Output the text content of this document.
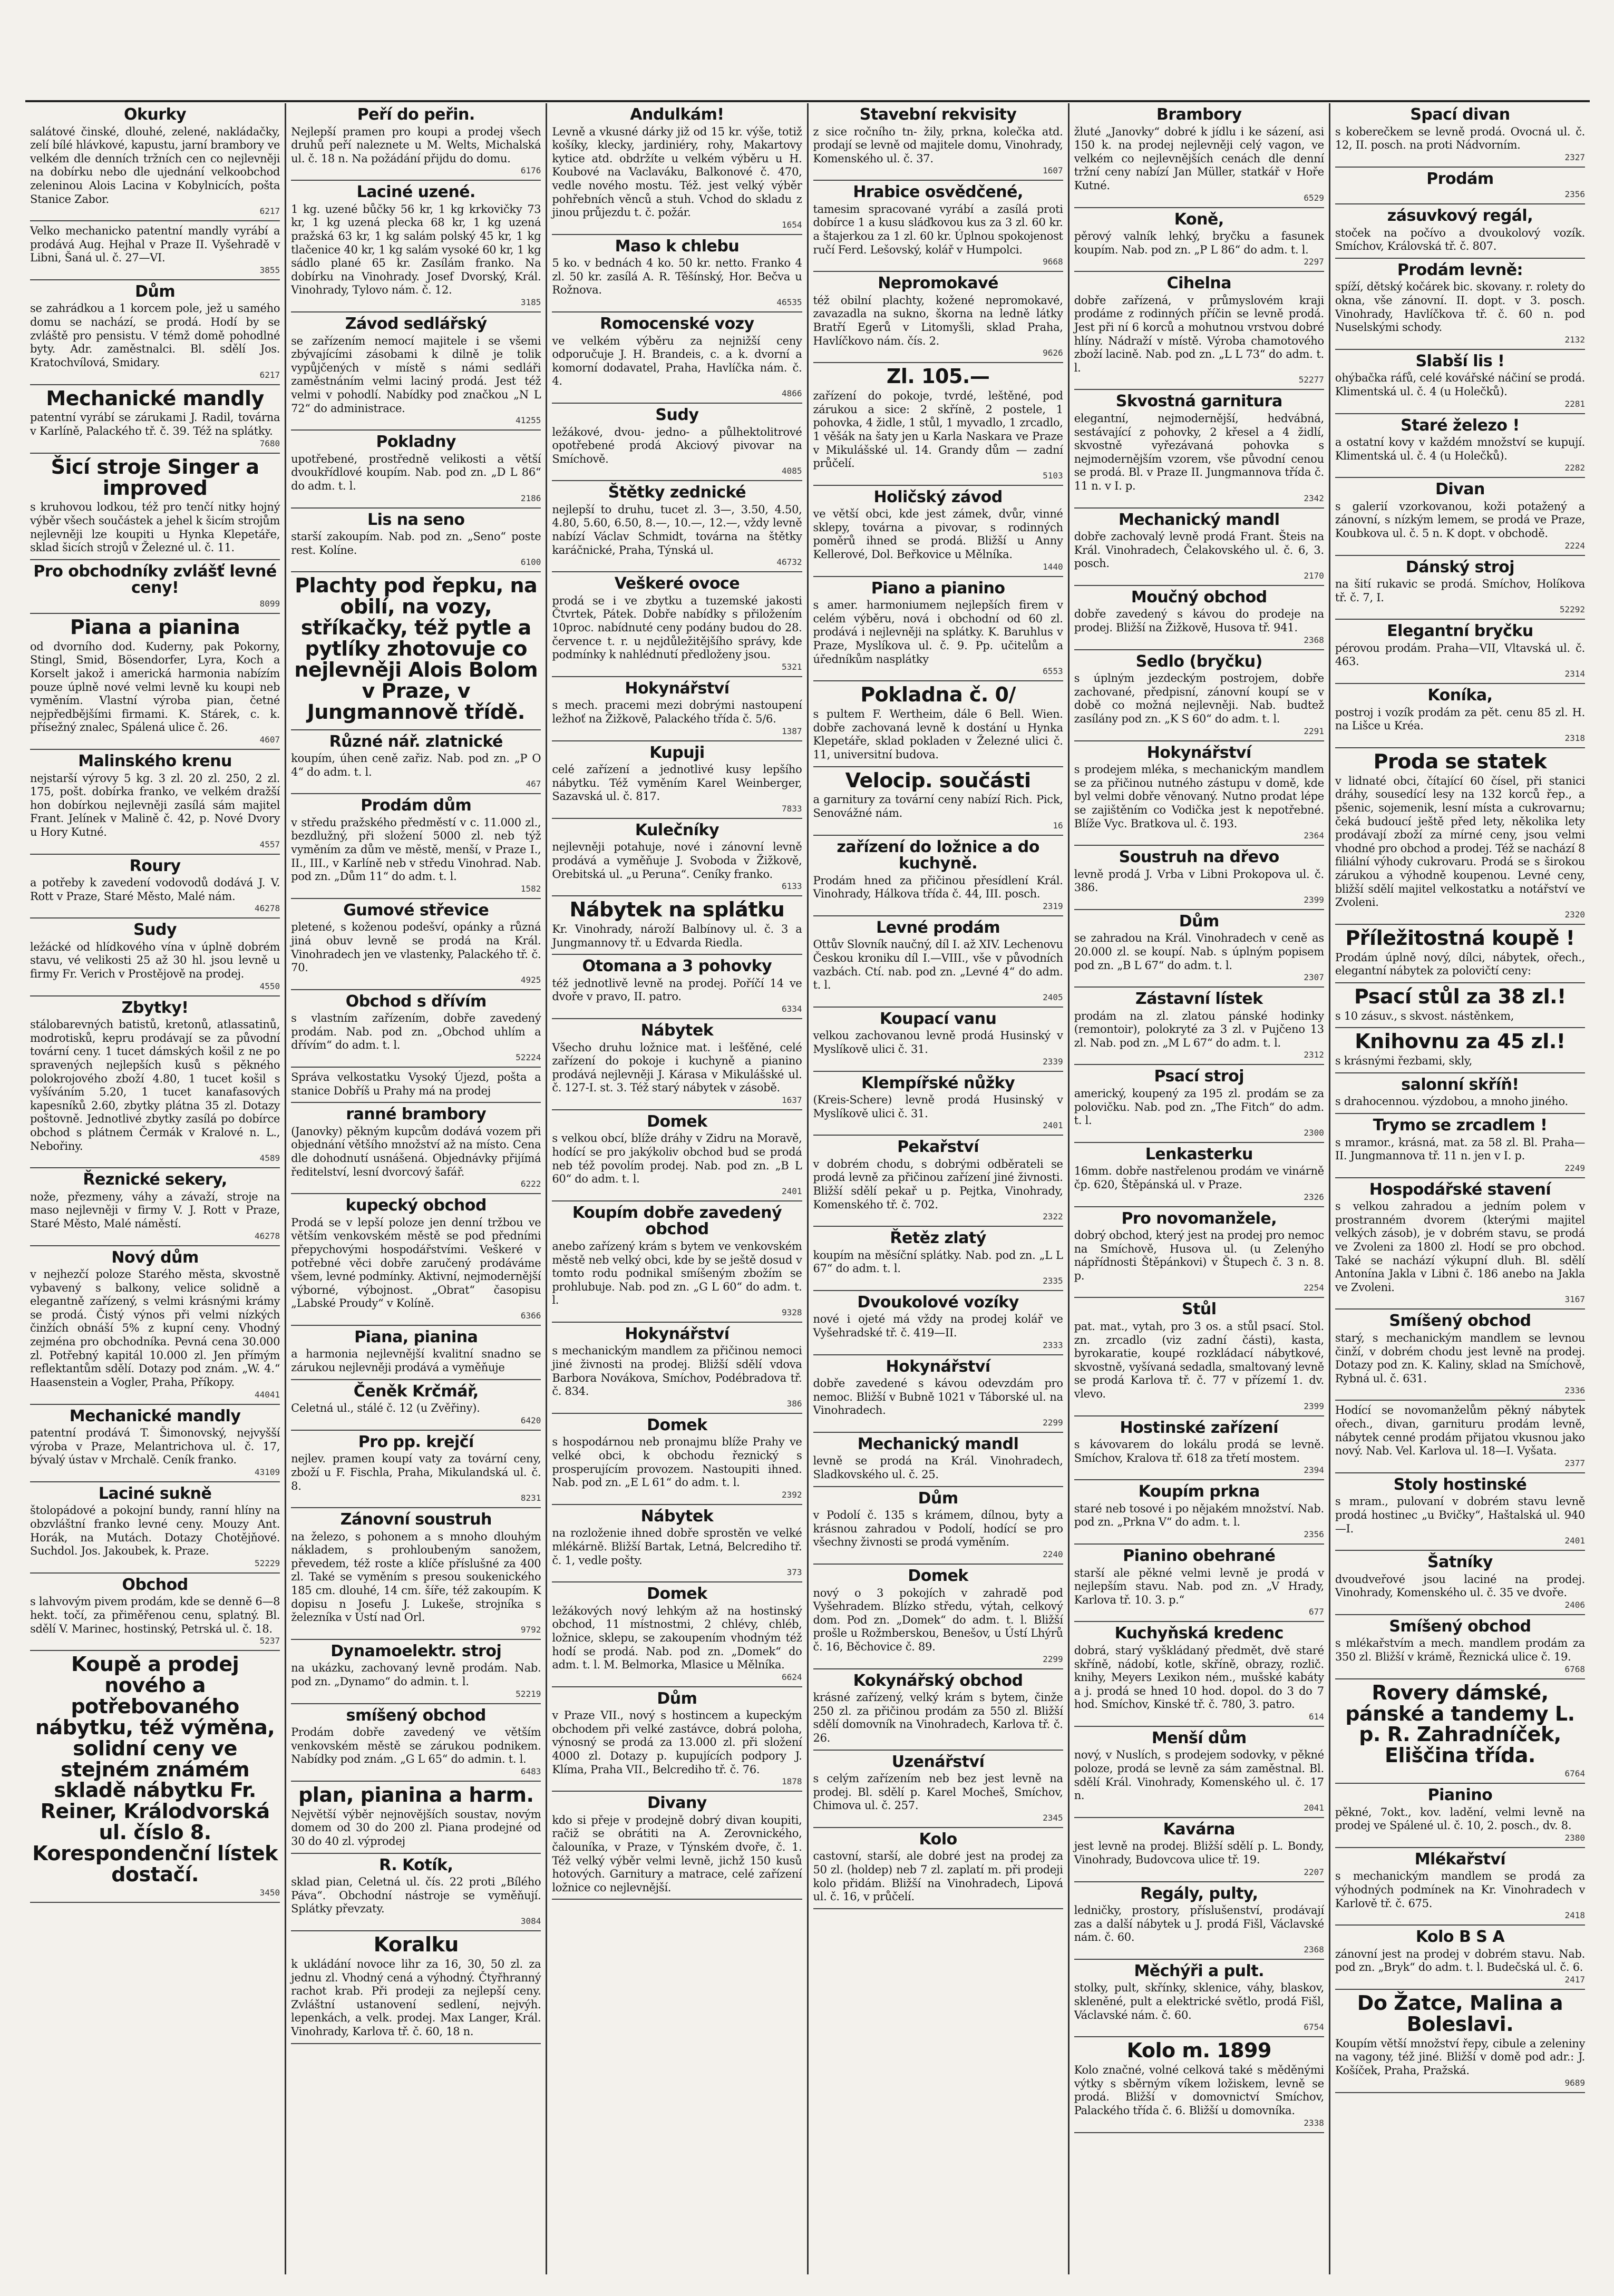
Okurky

salátové činské, dlouhé, zelené, nakládačky, zelí bílé hlávkové, kapustu, jarní brambory ve velkém dle denních tržních cen co nejlevněji na dobírku nebo dle ujednání velkoobchod zeleninou Alois Lacina v Kobylnicích, pošta Stanice Zabor.

6217

Velko mechanicko patentní mandly vyrábí a prodává Aug. Hejhal v Praze II. Vyšehradě v Libni, Šaná ul. č. 27—VI.

3855
Dům

se zahrádkou a 1 korcem pole, jež u samého domu se nachází, se prodá. Hodí by se zvláště pro pensistu. V témž domě pohodlné byty. Adr. zaměstnalci. Bl. sdělí Jos. Kratochvílová, Smidary.

6217
Mechanické mandly

patentní vyrábí se zárukami J. Radil, továrna v Karlíně, Palackého tř. č. 39. Též na splátky.

7680
Šicí stroje Singer a improved

s kruhovou lodkou, též pro tenčí nitky hojný výběr všech součástek a jehel k šicím strojům nejlevněji lze koupiti u Hynka Klepetáře, sklad šicích strojů v Železné ul. č. 11.

Pro obchodníky zvlášť levné ceny!
8099
Piana a pianina

od dvorního dod. Kuderny, pak Pokorny, Stingl, Smid, Bösendorfer, Lyra, Koch a Korselt jakož i americká harmonia nabízím pouze úplně nové velmi levně ku koupi neb vyměním. Vlastní výroba pian, četné nejpředbějšími firmami. K. Stárek, c. k. přísežný znalec, Spálená ulice č. 26.

4607
Malinského krenu

nejstarší výrovy 5 kg. 3 zl. 20 zl. 250, 2 zl. 175, pošt. dobírka franko, ve velkém dražší hon dobírkou nejlevněji zasílá sám majitel Frant. Jelínek v Malině č. 42, p. Nové Dvory u Hory Kutné.

4557
Roury

a potřeby k zavedení vodovodů dodává J. V. Rott v Praze, Staré Město, Malé nám.

46278
Sudy

ležácké od hlídkového vína v úplně dobrém stavu, vé velikosti 25 až 30 hl. jsou levně u firmy Fr. Verich v Prostějově na prodej.

4550
Zbytky!

stálobarevných batistů, kretonů, atlassatinů, modrotisků, kepru prodávají se za původní tovární ceny. 1 tucet dámských košil z ne po spravených nejlepších kusů s pěkného polokrojového zboží 4.80, 1 tucet košil s vyšíváním 5.20, 1 tucet kanafasových kapesníků 2.60, zbytky plátna 35 zl. Dotazy poštovně. Jednotlivé zbytky zasílá po dobírce obchod s plátnem Čermák v Kralové n. L., Nebořiny.

4589
Řeznické sekery,

nože, přezmeny, váhy a závaží, stroje na maso nejlevněji v firmy V. J. Rott v Praze, Staré Město, Malé náměstí.

46278
Nový dům

v nejhezčí poloze Starého města, skvostně vybavený s balkony, velice solidně a elegantně zařízený, s velmi krásnými krámy se prodá. Čistý výnos při velmi nízkých činžích obnáší 5% z kupní ceny. Vhodný zejména pro obchodníka. Pevná cena 30.000 zl. Potřebný kapitál 10.000 zl. Jen přímým reflektantům sdělí. Dotazy pod znám. „W. 4.“ Haasenstein a Vogler, Praha, Příkopy.

44041
Mechanické mandly

patentní prodává T. Šimonovský, nejvyšší výroba v Praze, Melantrichova ul. č. 17, bývalý ústav v Mrchalě. Ceník franko.

43109
Laciné sukně

štolopádové a pokojní bundy, ranní hlíny na obzvláštní franko levné ceny. Mouzy Ant. Horák, na Mutách. Dotazy Chotějňové. Suchdol. Jos. Jakoubek, k. Praze.

52229
Obchod

s lahvovým pivem prodám, kde se denně 6—8 hekt. točí, za přiměřenou cenu, splatný. Bl. sdělí V. Marinec, hostinský, Petrská ul. č. 18.

5237
Koupě a prodej nového a potřebovaného nábytku, též výměna, solidní ceny ve stejném známém skladě nábytku Fr. Reiner, Králodvorská ul. číslo 8. Korespondenční lístek dostačí.
3450
Peří do peřin.

Nejlepší pramen pro koupi a prodej všech druhů peří naleznete u M. Welts, Michalská ul. č. 18 n. Na požádání přijdu do domu.

6176
Laciné uzené.

1 kg. uzené bůčky 56 kr, 1 kg krkovičky 73 kr, 1 kg uzená plecka 68 kr, 1 kg uzená pražská 63 kr, 1 kg salám polský 45 kr, 1 kg tlačenice 40 kr, 1 kg salám vysoké 60 kr, 1 kg sádlo plané 65 kr. Zasílám franko. Na dobírku na Vinohrady. Josef Dvorský, Král. Vinohrady, Tylovo nám. č. 12.

3185
Závod sedlářský

se zařízením nemocí majitele i se všemi zbývajícími zásobami k dilně je tolik vypůjčených v místě s námi sedláři zaměstnáním velmi laciný prodá. Jest též velmi v pohodlí. Nabídky pod značkou „N L 72“ do administrace.

41255
Pokladny

upotřebené, prostředně velikosti a větší dvoukřídlové koupím. Nab. pod zn. „D L 86“ do adm. t. l.

2186
Lis na seno

starší zakoupím. Nab. pod zn. „Seno“ poste rest. Kolíne.

6100
Plachty pod řepku, na obilí, na vozy, stříkačky, též pytle a pytlíky zhotovuje co nejlevněji Alois Bolom v Praze, v Jungmannově třídě.
Různé nář. zlatnické

koupím, úhen ceně zařiz. Nab. pod zn. „P O 4“ do adm. t. l.

467
Prodám dům

v středu pražského předměstí v c. 11.000 zl., bezdlužný, při složení 5000 zl. neb týž vyměním za dům ve městě, menší, v Praze I., II., III., v Karlíně neb v středu Vinohrad. Nab. pod zn. „Dům 11“ do adm. t. l.

1582
Gumové střevice

pletené, s koženou podešví, opánky a různá jiná obuv levně se prodá na Král. Vinohradech jen ve vlastenky, Palackého tř. č. 70.

4925
Obchod s dřívím

s vlastním zařízením, dobře zavedený prodám. Nab. pod zn. „Obchod uhlím a dřívím“ do adm. t. l.

52224

Správa velkostatku Vysoký Újezd, pošta a stanice Dobříš u Prahy má na prodej

ranné brambory

(Janovky) pěkným kupcům dodává vozem při objednání většího množství až na místo. Cena dle dohodnutí usnášená. Objednávky přijímá ředitelství, lesní dvorcový šafář.

6222
kupecký obchod

Prodá se v lepší poloze jen denní tržbou ve větším venkovském městě se pod předními přepychovými hospodářstvími. Veškeré v potřebné věci dobře zaručený prodáváme všem, levné podmínky. Aktivní, nejmodernější výborné, výbojnost. „Obrat“ časopisu „Labské Proudy“ v Kolíně.

6366
Piana, pianina

a harmonia nejlevnější kvalitní snadno se zárukou nejlevněji prodává a vyměňuje

Čeněk Krčmář,

Celetná ul., stálé č. 12 (u Zvěřiny).

6420
Pro pp. krejčí

nejlev. pramen koupí vaty za tovární ceny, zboží u F. Fischla, Praha, Mikulandská ul. č. 8.

8231
Zánovní soustruh

na železo, s pohonem a s mnoho dlouhým nákladem, s prohloubeným sanožem, převedem, též roste a klíče příslušné za 400 zl. Také se vyměním s presou soukenického 185 cm. dlouhé, 14 cm. šíře, též zakoupím. K dopisu n Josefu J. Lukeše, strojníka s železníka v Ústí nad Orl.

9792
Dynamoelektr. stroj

na ukázku, zachovaný levně prodám. Nab. pod zn. „Dynamo“ do admin. t. l.

52219
smíšený obchod

Prodám dobře zavedený ve větším venkovském městě se zárukou podnikem. Nabídky pod znám. „G L 65“ do admin. t. l.

6483
plan, pianina a harm.

Největší výběr nejnovějších soustav, novým domem od 30 do 200 zl. Piana prodejné od 30 do 40 zl. výprodej

R. Kotík,

sklad pian, Celetná ul. čís. 22 proti „Bílého Páva“. Obchodní nástroje se vyměňují. Splátky převzaty.

3084
Koralku

k ukládání novoce lihr za 16, 30, 50 zl. za jednu zl. Vhodný cená a výhodný. Čtyřhranný rachot krab. Při prodeji za nejlepší ceny. Zvláštní ustanovení sedlení, nejvýh. lepenkách, a velk. prodej. Max Langer, Král. Vinohrady, Karlova tř. č. 60, 18 n.

Andulkám!

Levně a vkusné dárky již od 15 kr. výše, totiž košíky, klecky, jardiniéry, rohy, Makartovy kytice atd. obdržíte u velkém výběru u H. Koubové na Vaclaváku, Balkonové č. 470, vedle nového mostu. Též. jest velký výběr pohřebních věnců a stuh. Vchod do skladu z jinou průjezdu t. č. požár.

1654
Maso k chlebu

5 ko. v bednách 4 ko. 50 kr. netto. Franko 4 zl. 50 kr. zasílá A. R. Těšínský, Hor. Bečva u Rožnova.

46535
Romocenské vozy

ve velkém výběru za nejnižší ceny odporučuje J. H. Brandeis, c. a k. dvorní a komorní dodavatel, Praha, Havlíčka nám. č. 4.

4866
Sudy

ležákové, dvou- jedno- a půlhektolitrové opotřebené prodá Akciový pivovar na Smíchově.

4085
Štětky zednické

nejlepší to druhu, tucet zl. 3—, 3.50, 4.50, 4.80, 5.60, 6.50, 8.—, 10.—, 12.—, vždy levně nabízí Václav Schmidt, továrna na štětky karáčnické, Praha, Týnská ul.

46732
Veškeré ovoce

prodá se i ve zbytku a tuzemské jakosti Čtvrtek, Pátek. Dobře nabídky s přiložením 10proc. nabídnuté ceny podány budou do 28. července t. r. u nejdůležitějšího správy, kde podmínky k nahlédnutí předloženy jsou.

5321
Hokynářství

s mech. pracemi mezi dobrými nastoupení ležhoť na Žižkově, Palackého třída č. 5/6.

1387
Kupuji

celé zařízení a jednotlivé kusy lepšího nábytku. Též vyměním Karel Weinberger, Sazavská ul. č. 817.

7833
Kulečníky

nejlevněji potahuje, nové i zánovní levně prodává a vyměňuje J. Svoboda v Žižkově, Orebitská ul. „u Peruna“. Ceníky franko.

6133
Nábytek na splátku

Kr. Vinohrady, nároží Balbínovy ul. č. 3 a Jungmannovy tř. u Edvarda Riedla.

Otomana a 3 pohovky

též jednotlivě levně na prodej. Poříčí 14 ve dvoře v pravo, II. patro.

6334
Nábytek

Všecho druhu ložnice mat. i lešťěné, celé zařízení do pokoje i kuchyně a pianino prodává nejlevněji J. Kárasa v Mikulášské ul. č. 127-I. st. 3. Též starý nábytek v zásobě.

1637
Domek

s velkou obcí, blíže dráhy v Zidru na Moravě, hodící se pro jakýkoliv obchod bud se prodá neb též povolím prodej. Nab. pod zn. „B L 60“ do adm. t. l.

2401
Koupím dobře zavedený obchod

anebo zařízený krám s bytem ve venkovském městě neb velký obci, kde by se ještě dosud v tomto rodu podnikal smíšeným zbožím se prohlubuje. Nab. pod zn. „G L 60“ do adm. t. l.

9328
Hokynářství

s mechanickým mandlem za přičinou nemoci jiné živnosti na prodej. Bližší sdělí vdova Barbora Novákova, Smíchov, Podébradova tř. č. 834.

386
Domek

s hospodárnou neb pronajmu blíže Prahy ve velké obci, k obchodu řeznický s prosperujícím provozem. Nastoupiti ihned. Nab. pod zn. „E L 61“ do adm. t. l.

2392
Nábytek

na rozloženie ihned dobře sprostěn ve velké mlékárně. Bližší Bartak, Letná, Belcrediho tř. č. 1, vedle pošty.

373
Domek

ležákových nový lehkým až na hostinský obchod, 11 místnostmi, 2 chlévy, chléb, ložnice, sklepu, se zakoupením vhodným též hodí se prodá. Nab. pod zn. „Domek“ do adm. t. l. M. Belmorka, Mlasice u Mělníka.

6624
Dům

v Praze VII., nový s hostincem a kupeckým obchodem při velké zastávce, dobrá poloha, výnosný se prodá za 13.000 zl. při složení 4000 zl. Dotazy p. kupujících podpory J. Klíma, Praha VII., Belcrediho tř. č. 76.

1878
Divany

kdo si přeje v prodejně dobrý divan koupiti, račiž se obrátiti na A. Zerovnického, čalouníka, v Praze, v Týnském dvoře, č. 1. Též velký výběr velmi levně, jichž 150 kusů hotových. Garnitury a matrace, celé zařízení ložnice co nejlevnější.

Stavební rekvisity

z sice ročního tn- žily, prkna, kolečka atd. prodají se levně od majitele domu, Vinohrady, Komenského ul. č. 37.

1607
Hrabice osvědčené,

tamesim spracované vyrábí a zasílá proti dobírce 1 a kusu sláďkovou kus za 3 zl. 60 kr. a štajerkou za 1 zl. 60 kr. Úplnou spokojenost ručí Ferd. Lešovský, kolář v Humpolci.

9668
Nepromokavé

též obilní plachty, kožené nepromokavé, zavazadla na sukno, škorna na ledně látky Bratří Egerů v Litomyšli, sklad Praha, Havlíčkovo nám. čís. 2.

9626
Zl. 105.—

zařízení do pokoje, tvrdé, leštěné, pod zárukou a sice: 2 skříně, 2 postele, 1 pohovka, 4 židle, 1 stůl, 1 myvadlo, 1 zrcadlo, 1 věšák na šaty jen u Karla Naskara ve Praze v Mikulášské ul. 14. Grandy dům — zadní průčelí.

5103
Holičský závod

ve větší obci, kde jest zámek, dvůr, vinné sklepy, továrna a pivovar, s rodinných poměrů ihned se prodá. Bližší u Anny Kellerové, Dol. Beřkovice u Mělníka.

1440
Piano a pianino

s amer. harmoniumem nejlepších firem v celém výběru, nová i obchodní od 60 zl. prodává i nejlevněji na splátky. K. Baruhlus v Praze, Myslíkova ul. č. 9. Pp. učitelům a úředníkům nasplátky

6553
Pokladna č. 0/

s pultem F. Wertheim, dále 6 Bell. Wien. dobře zachovaná levně k dostání u Hynka Klepetáře, sklad pokladen v Železné ulici č. 11, universitní budova.

Velocip. součásti

a garnitury za tovární ceny nabízí Rich. Pick, Senovážné nám.

16
zařízení do ložnice a do kuchyně.

Prodám hned za přičinou přesídlení Král. Vinohrady, Hálkova třída č. 44, III. posch.

2319
Levné prodám

Ottův Slovník naučný, díl I. až XIV. Lechenovu Českou kroniku díl I.—VIII., vše v původních vazbách. Ctí. nab. pod zn. „Levné 4“ do adm. t. l.

2405
Koupací vanu

velkou zachovanou levně prodá Husinský v Myslíkově ulici č. 31.

2339
Klempířské nůžky

(Kreis-Schere) levně prodá Husinský v Myslíkově ulici č. 31.

2401
Pekařství

v dobrém chodu, s dobrými odběrateli se prodá levně za přičinou zařízení jiné živnosti. Bližší sdělí pekař u p. Pejtka, Vinohrady, Komenského tř. č. 702.

2322
Řetěz zlatý

koupím na měsíční splátky. Nab. pod zn. „L L 67“ do adm. t. l.

2335
Dvoukolové vozíky

nové i ojeté má vždy na prodej kolář ve Vyšehradské tř. č. 419—II.

2333
Hokynářství

dobře zavedené s kávou odevzdám pro nemoc. Bližší v Bubně 1021 v Táborské ul. na Vinohradech.

2299
Mechanický mandl

levně se prodá na Král. Vinohradech, Sladkovského ul. č. 25.

Dům

v Podolí č. 135 s krámem, dílnou, byty a krásnou zahradou v Podolí, hodící se pro všechny živnosti se prodá vyměním.

2240
Domek

nový o 3 pokojích v zahradě pod Vyšehradem. Blízko středu, výtah, celkový dom. Pod zn. „Domek“ do adm. t. l. Bližší prošle u Rožmberskou, Benešov, u Ústí Lhýrů č. 16, Běchovice č. 89.

2299
Kokynářský obchod

krásné zařízený, velký krám s bytem, činže 250 zl. za přičinou prodám za 550 zl. Bližší sdělí domovník na Vinohradech, Karlova tř. č. 26.

Uzenářství

s celým zařízením neb bez jest levně na prodej. Bl. sdělí p. Karel Mocheš, Smíchov, Chimova ul. č. 257.

2345
Kolo

castovní, starší, ale dobré jest na prodej za 50 zl. (holdep) neb 7 zl. zaplatí m. při prodeji kolo přidám. Bližší na Vinohradech, Lipová ul. č. 16, v průčelí.

Brambory

žluté „Janovky“ dobré k jídlu i ke sázení, asi 150 k. na prodej nejlevněji celý vagon, ve velkém co nejlevnějších cenách dle denní tržní ceny nabízí Jan Müller, statkář v Hoře Kutné.

6529
Koně,

pěrový valník lehký, bryčku a fasunek koupím. Nab. pod zn. „P L 86“ do adm. t. l.

2297
Cihelna

dobře zařízená, v průmyslovém kraji prodáme z rodinných příčin se levně prodá. Jest při ní 6 korců a mohutnou vrstvou dobré hlíny. Nádraží v místě. Výroba chamotového zboží lacině. Nab. pod zn. „L L 73“ do adm. t. l.

52277
Skvostná garnitura

elegantní, nejmodernější, hedvábná, sestávající z pohovky, 2 křesel a 4 židlí, skvostně vyřezávaná pohovka s nejmodernějším vzorem, vše původní cenou se prodá. Bl. v Praze II. Jungmannova třída č. 11 n. v I. p.

2342
Mechanický mandl

dobře zachovalý levně prodá Frant. Šteis na Král. Vinohradech, Čelakovského ul. č. 6, 3. posch.

2170
Moučný obchod

dobře zavedený s kávou do prodeje na prodej. Bližší na Žižkově, Husova tř. 941.

2368
Sedlo (bryčku)

s úplným jezdeckým postrojem, dobře zachované, předpisní, zánovní koupí se v době co možná nejlevněji. Nab. budtež zasílány pod zn. „K S 60“ do adm. t. l.

2291
Hokynářství

s prodejem mléka, s mechanickým mandlem se za přičinou nutného zástupu v domě, kde byl velmi dobře věnovaný. Nutno prodat lépe se zajištěním co Vodička jest k nepotřebné. Blíže Vyc. Bratkova ul. č. 193.

2364
Soustruh na dřevo

levně prodá J. Vrba v Libni Prokopova ul. č. 386.

2399
Dům

se zahradou na Král. Vinohradech v ceně as 20.000 zl. se koupí. Nab. s úplným popisem pod zn. „B L 67“ do adm. t. l.

2307
Zástavní lístek

prodám na zl. zlatou pánské hodinky (remontoir), polokryté za 3 zl. v Pujčeno 13 zl. Nab. pod zn. „M L 67“ do adm. t. l.

2312
Psací stroj

americký, koupený za 195 zl. prodám se za polovičku. Nab. pod zn. „The Fitch“ do adm. t. l.

2300
Lenkasterku

16mm. dobře nastřelenou prodám ve vinárně čp. 620, Štěpánská ul. v Praze.

2326
Pro novomanžele,

dobrý obchod, který jest na prodej pro nemoc na Smíchově, Husova ul. (u Zelenýho nápřídnosti Štěpánkovi) v Štupech č. 3 n. 8. p.

2254
Stůl

pat. mat., vytah, pro 3 os. a stůl psací. Stol. zn. zrcadlo (viz zadní části), kasta, byrokaratie, koupé rozkládací nábytkové, skvostně, vyšívaná sedadla, smaltovaný levně se prodá Karlova tř. č. 77 v přízemí 1. dv. vlevo.

2399
Hostinské zařízení

s kávovarem do lokálu prodá se levně. Smíchov, Kralova tř. 618 za třetí mostem.

2394
Koupím prkna

staré neb tosové i po nějakém množství. Nab. pod zn. „Prkna V“ do adm. t. l.

2356
Pianino obehrané

starší ale pěkné velmi levně je prodá v nejlepším stavu. Nab. pod zn. „V Hrady, Karlova tř. 10. 3. p.“

677
Kuchyňská kredenc

dobrá, starý vyškládaný předmět, dvě staré skříně, nádobí, kotle, skříně, obrazy, rozlič. knihy, Meyers Lexikon ném., mušské kabáty a j. prodá se hned 10 hod. dopol. do 3 do 7 hod. Smíchov, Kinské tř. č. 780, 3. patro.

614
Menší dům

nový, v Nuslích, s prodejem sodovky, v pěkné poloze, prodá se levně za sám zaměstnal. Bl. sdělí Král. Vinohrady, Komenského ul. č. 17 n.

2041
Kavárna

jest levně na prodej. Bližší sdělí p. L. Bondy, Vinohrady, Budovcova ulice tř. 19.

2207
Regály, pulty,

ledničky, prostory, příslušenství, prodávají zas a další nábytek u J. prodá Fišl, Václavské nám. č. 60.

2368
Měchýři a pult.

stolky, pult, skřínky, sklenice, váhy, blaskov, skleněné, pult a elektrické světlo, prodá Fišl, Václavské nám. č. 60.

6754
Kolo m. 1899

Kolo značné, volné celková také s měděnými výtky s sběrným víkem ložiskem, levně se prodá. Bližší v domovnictví Smíchov, Palackého třída č. 6. Bližší u domovníka.

2338
Spací divan

s koberečkem se levně prodá. Ovocná ul. č. 12, II. posch. na proti Nádvorním.

2327
Prodám
2356
zásuvkový regál,

stoček na počívo a dvoukolový vozík. Smíchov, Královská tř. č. 807.

Prodám levně:

spíží, dětský kočárek bic. skovany. r. rolety do okna, vše zánovní. II. dopt. v 3. posch. Vinohrady, Havlíčkova tř. č. 60 n. pod Nuselskými schody.

2132
Slabší lis !

ohýbačka ráfů, celé kovářské náčiní se prodá. Klimentská ul. č. 4 (u Holečků).

2281
Staré železo !

a ostatní kovy v každém množství se kupují. Klimentská ul. č. 4 (u Holečků).

2282
Divan

s galerií vzorkovanou, koži potažený a zánovní, s nízkým lemem, se prodá ve Praze, Koubkova ul. č. 5 n. K dopt. v obchodě.

2224
Dánský stroj

na šití rukavic se prodá. Smíchov, Holíkova tř. č. 7, I.

52292
Elegantní bryčku

pérovou prodám. Praha—VII, Vltavská ul. č. 463.

2314
Koníka,

postroj i vozík prodám za pět. cenu 85 zl. H. na Lišce u Kréa.

2318
Proda se statek

v lidnaté obci, čítající 60 čísel, při stanici dráhy, sousedící lesy na 132 korců řep., a pšenic, sojemenik, lesní místa a cukrovarnu; čeká budoucí ještě před lety, několika lety prodávají zboží za mírné ceny, jsou velmi vhodné pro obchod a prodej. Též se nachází 8 filiální výhody cukrovaru. Prodá se s širokou zárukou a výhodně koupenou. Levné ceny, bližší sdělí majitel velkostatku a notářství ve Zvoleni.

2320
Příležitostná koupě !

Prodám úplně nový, dílci, nábytek, ořech., elegantní nábytek za polovičtí ceny:

Psací stůl za 38 zl.!

s 10 zásuv., s skvost. nástěnkem,

Knihovnu za 45 zl.!

s krásnými řezbami, skly,

salonní skříň!

s drahocennou. výzdobou, a mnoho jiného.

Trymo se zrcadlem !

s mramor., krásná, mat. za 58 zl. Bl. Praha—II. Jungmannova tř. 11 n. jen v I. p.

2249
Hospodářské stavení

s velkou zahradou a jedním polem v prostranném dvorem (kterými majitel velkých zásob), je v dobrém stavu, se prodá ve Zvoleni za 1800 zl. Hodí se pro obchod. Také se nachází výkupní dluh. Bl. sdělí Antonína Jakla v Libni č. 186 anebo na Jakla ve Zvoleni.

3167
Smíšený obchod

starý, s mechanickým mandlem se levnou činží, v dobrém chodu jest levně na prodej. Dotazy pod zn. K. Kaliny, sklad na Smíchově, Rybná ul. č. 631.

2336

Hodící se novomanželům pěkný nábytek ořech., divan, garnituru prodám levně, nábytek cenné prodám přijatou vkusnou jako nový. Nab. Vel. Karlova ul. 18—I. Vyšata.

2377
Stoly hostinské

s mram., pulovaní v dobrém stavu levně prodá hostinec „u Bvičky“, Haštalská ul. 940—I.

2401
Šatníky

dvoudveřové jsou laciné na prodej. Vinohrady, Komenského ul. č. 35 ve dvoře.

2406
Smíšený obchod

s mlékařstvím a mech. mandlem prodám za 350 zl. Bližší v krámě, Řeznická ulice č. 19.

6768
Rovery dámské, pánské a tandemy L. p. R. Zahradníček, Eliščina třída.
6764
Pianino

pěkné, 7okt., kov. ladění, velmi levně na prodej ve Spálené ul. č. 10, 2. posch., dv. 8.

2380
Mlékařství

s mechanickým mandlem se prodá za výhodných podmínek na Kr. Vinohradech v Karlově tř. č. 675.

2418
Kolo B S A

zánovní jest na prodej v dobrém stavu. Nab. pod zn. „Bryk“ do adm. t. l. Budečská ul. č. 6.

2417
Do Žatce, Malina a Boleslavi.

Koupím větší množství řepy, cibule a zeleniny na vagony, též jiné. Bližší v domě pod adr.: J. Košíček, Praha, Pražská.

9689
